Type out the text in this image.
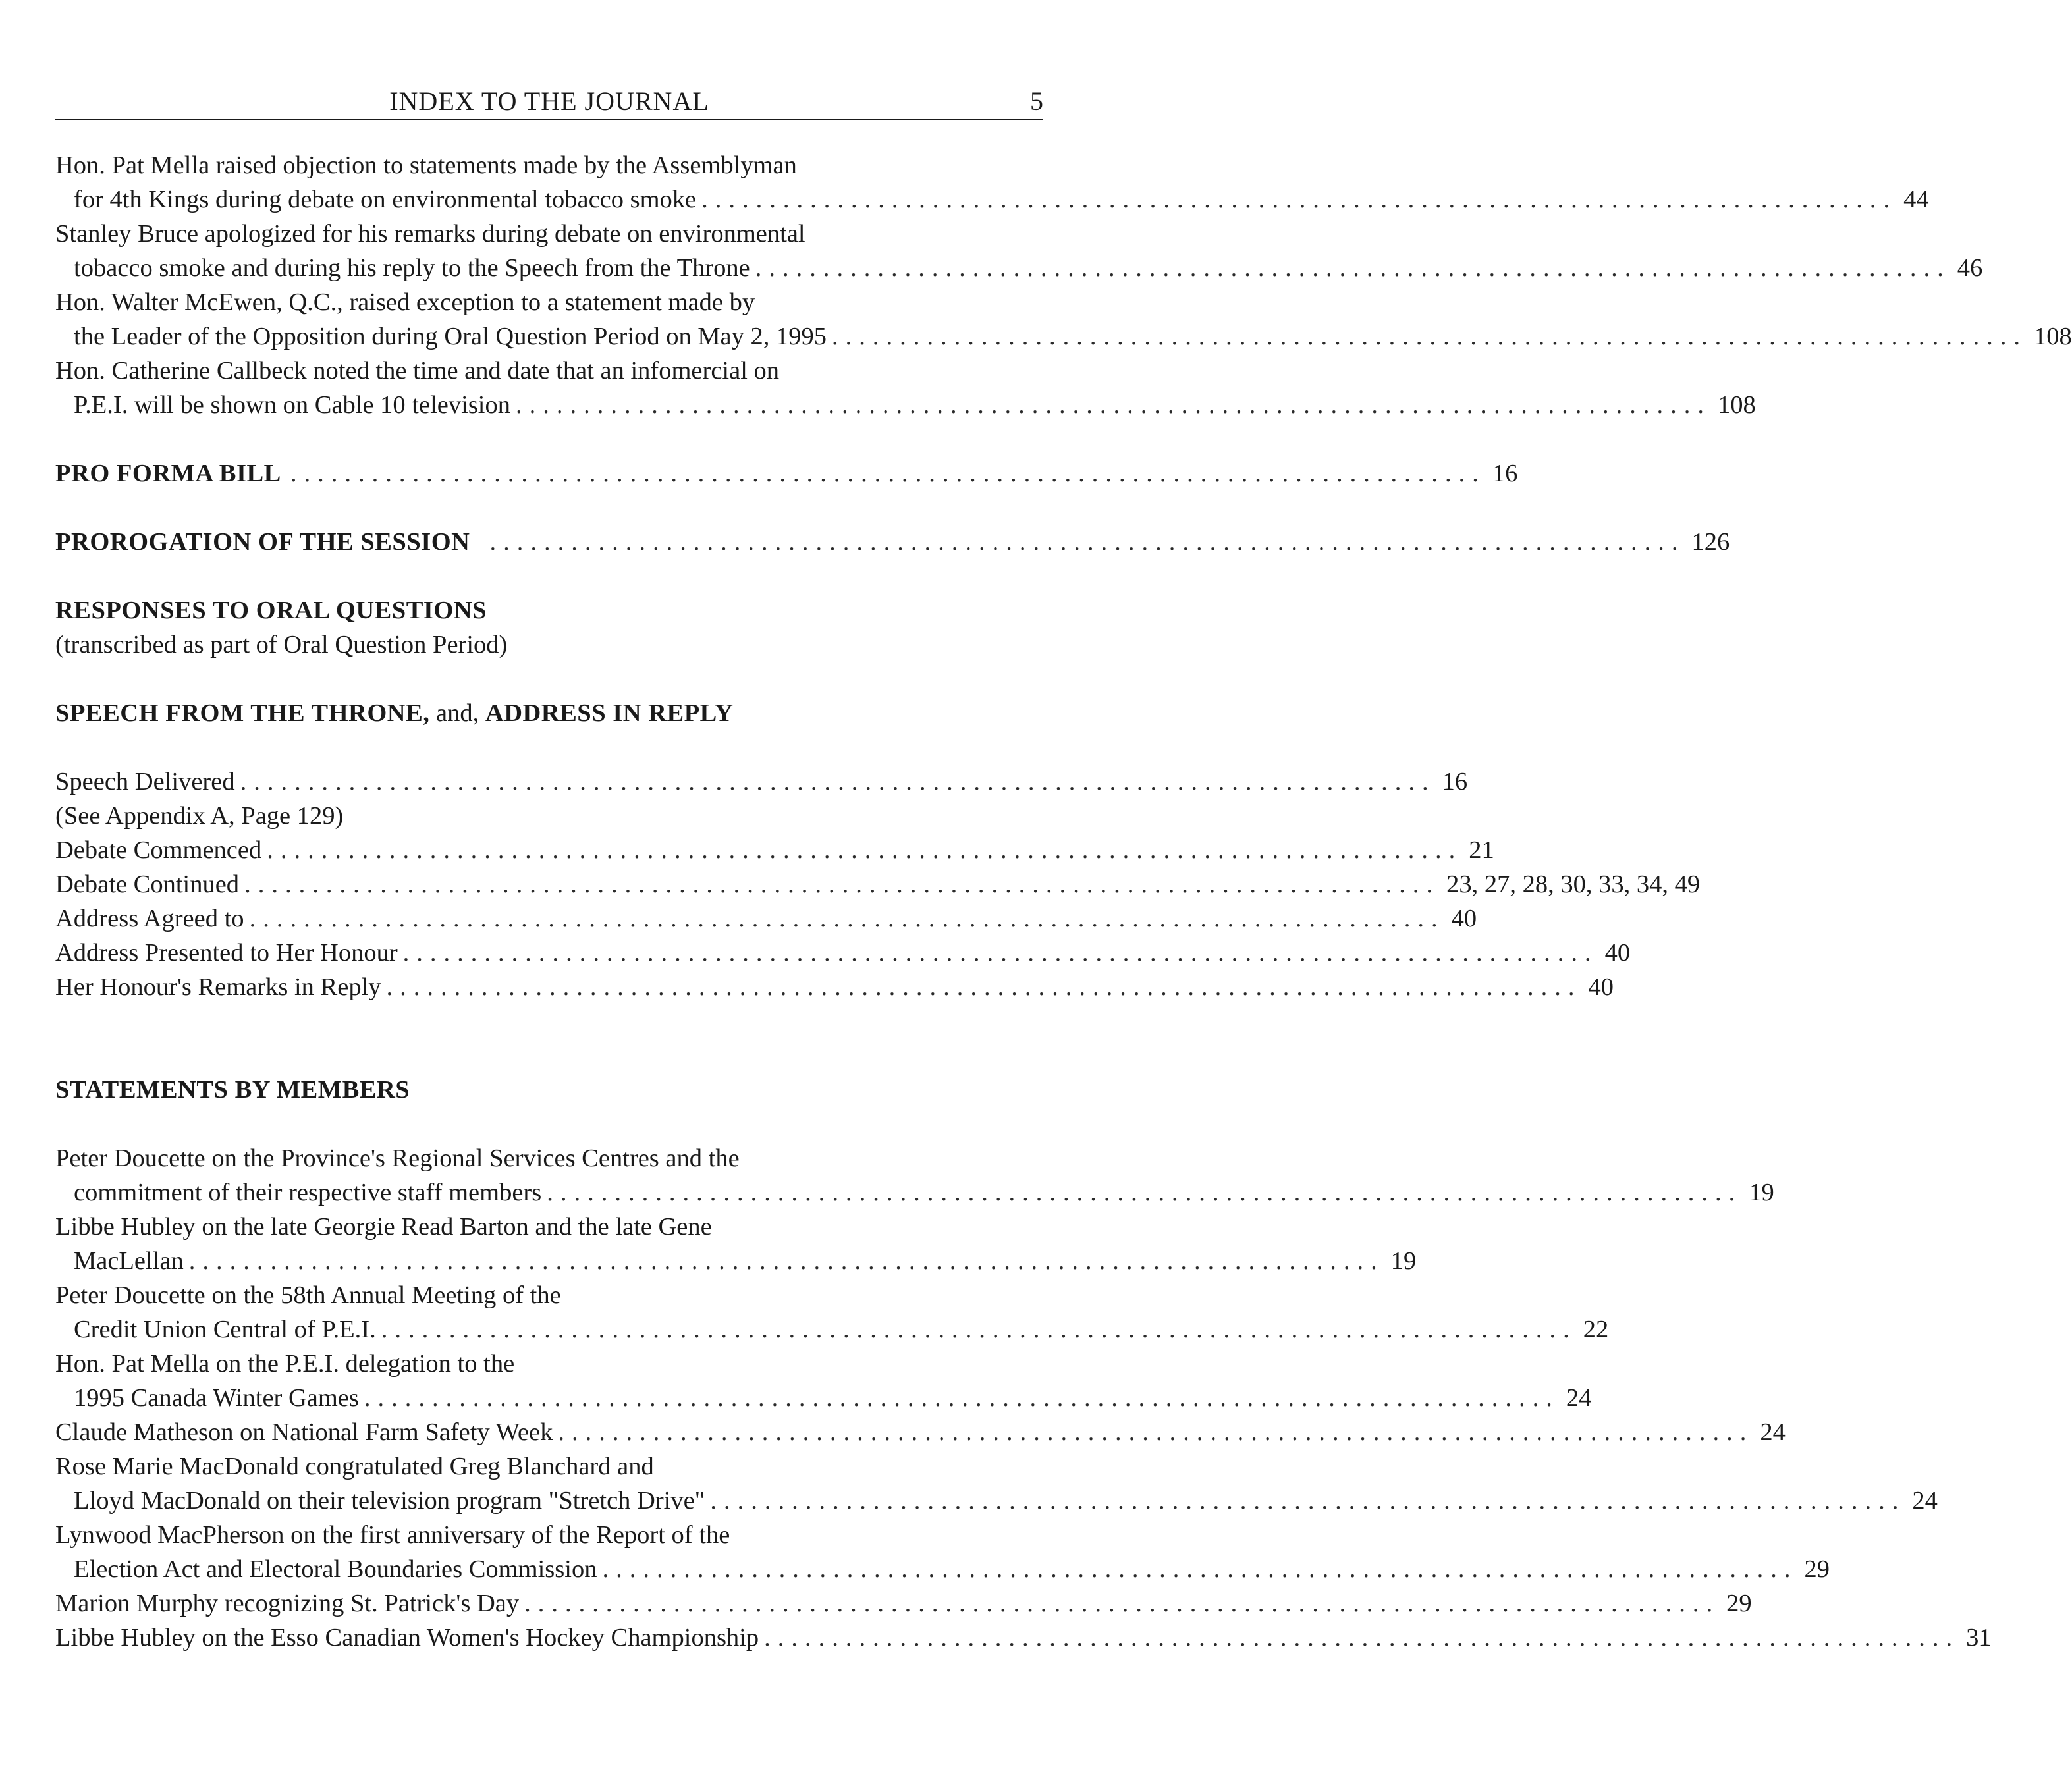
INDEX TO THE JOURNAL	5
Hon. Pat Mella raised objection to statements made by the Assemblyman
for 4th Kings during debate on environmental tobacco smoke ........................................................................................ 44
Stanley Bruce apologized for his remarks during debate on environmental
tobacco smoke and during his reply to the Speech from the Throne ........................................................................................ 46
Hon. Walter McEwen, Q.C., raised exception to a statement made by
the Leader of the Opposition during Oral Question Period on May 2, 1995 ........................................................................................ 108
Hon. Catherine Callbeck noted the time and date that an infomercial on
P.E.I. will be shown on Cable 10 television ........................................................................................ 108
PRO FORMA BILL ........................................................................................ 16
PROROGATION OF THE SESSION ........................................................................................ 126
RESPONSES TO ORAL QUESTIONS
(transcribed as part of Oral Question Period)
SPEECH FROM THE THRONE, and, ADDRESS IN REPLY
Speech Delivered ........................................................................................ 16
(See Appendix A, Page 129)
Debate Commenced ........................................................................................ 21
Debate Continued ........................................................................................ 23, 27, 28, 30, 33, 34, 49
Address Agreed to ........................................................................................ 40
Address Presented to Her Honour ........................................................................................ 40
Her Honour's Remarks in Reply ........................................................................................ 40
STATEMENTS BY MEMBERS
Peter Doucette on the Province's Regional Services Centres and the
commitment of their respective staff members ........................................................................................ 19
Libbe Hubley on the late Georgie Read Barton and the late Gene
MacLellan ........................................................................................ 19
Peter Doucette on the 58th Annual Meeting of the
Credit Union Central of P.E.I. ........................................................................................ 22
Hon. Pat Mella on the P.E.I. delegation to the
1995 Canada Winter Games ........................................................................................ 24
Claude Matheson on National Farm Safety Week ........................................................................................ 24
Rose Marie MacDonald congratulated Greg Blanchard and
Lloyd MacDonald on their television program "Stretch Drive" ........................................................................................ 24
Lynwood MacPherson on the first anniversary of the Report of the
Election Act and Electoral Boundaries Commission ........................................................................................ 29
Marion Murphy recognizing St. Patrick's Day ........................................................................................ 29
Libbe Hubley on the Esso Canadian Women's Hockey Championship ........................................................................................ 31
